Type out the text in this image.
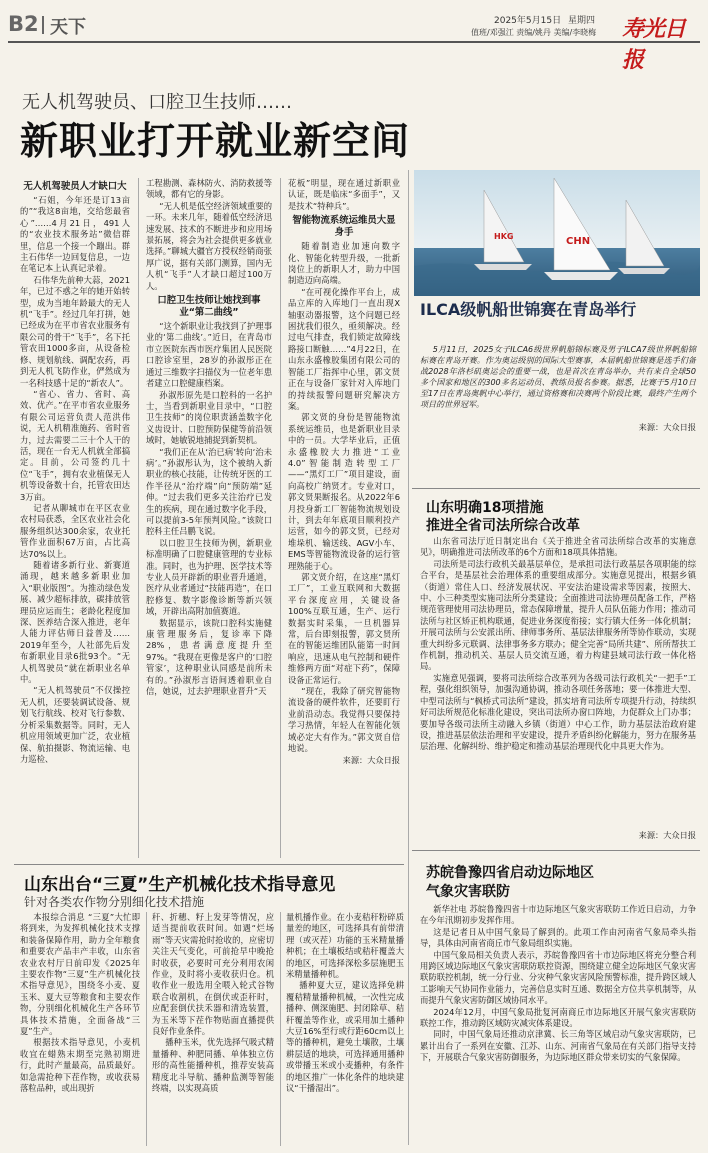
B2 天下	2025年5月15日 星期四
值班/邓强江 责编/姚丹 美编/李晓梅 寿光日报
无人机驾驶员、口腔卫生技师……
新职业打开就业新空间
无人机驾驶员人才缺口大

“石姐，今年还是订13亩的”“我这8亩地，交给您最省心”……4月21日，491人的“农业技术服务站”微信群里，信息一个接一个蹦出。群主石伟华一边回复信息，一边在笔记本上认真记录着。

石伟华先前种大蒜，2021年，已过不惑之年的她开始转型，成为当地年龄最大的无人机“飞手”。经过几年打拼，她已经成为在平市省农业服务有限公司的骨干“飞手”，名下托管农田1000多亩，从设备检修、规划航线、调配农药，再到无人机飞防作业，俨然成为一名科技感十足的“新农人”。

“省心、省力、省时、高效、优产。”在平市省农业服务有限公司运营负责人范洪伟说，无人机精准施药、省时省力，过去需要二三十个人干的活，现在一台无人机就全部搞定。目前，公司签约几十位“飞手”，拥有农业植保无人机等设备数十台，托管农田达3万亩。

记者从聊城市在平区农业农村局获悉，全区农业社会化服务组织达300余家，农业托管作业面积67万亩，占比高达70%以上。

随着诸多新行业、新赛道涌现，越来越多新职业加入“职业版图”。为推动绿色发展、减少超标排放，碳排放管理员应运而生；老龄化程度加深、医养结合深入推进，老年人能力评估师日益普及……2019年至今，人社部先后发布新职业目录6批93个。“无人机驾驶员”就在新职业名单中。

“无人机驾驶员”不仅操控无人机，还要装调试设备、规划飞行航线、校对飞行参数、分析采集数据等。同时，无人机应用领域更加广泛，农业植保、航拍摄影、物流运输、电力巡检、

工程勘测、森林防火、消防救援等领域，都有它的身影。

“无人机是低空经济领域重要的一环。未来几年，随着低空经济迅速发展、技术的不断进步和应用场景拓展，将会为社会提供更多就业选择。”聊城大疆官方授权经销商张厚广说，据有关部门测算，国内无人机“飞手”人才缺口超过100万人。

口腔卫生技师让她找到事业“第二曲线”

“这个新职业让我找到了护理事业的‘第二曲线’。”近日，在青岛市市立医院东西市医疗集团人民医院口腔诊室里，28岁的孙淑彤正在通过三维数字扫描仪为一位老年患者建立口腔健康档案。

孙淑彤原先是口腔科的一名护士，当看到新职业目录中，“口腔卫生技师”的岗位职责涵盖数字化义齿设计、口腔预防保健等前沿领域时，她敏锐地捕捉到新契机。

“我们正在从‘治已病’转向‘治未病’。”孙淑彤认为，这个被纳入新职业的核心技能，让传统牙医的工作半径从“治疗端”向“预防端”延伸。“过去我们更多关注治疗已发生的疾病，现在通过数字化手段，可以提前3-5年预判风险。”该院口腔科主任吕鹏飞说。

以口腔卫生技师为例，新职业标准明确了口腔健康管理的专业标准。同时，也为护理、医学技术等专业人员开辟新的职业晋升通道，医疗从业者通过“技能再造”，在口腔修复、数字影像诊断等新兴领域，开辟出高附加值赛道。

数据显示，该院口腔科实施健康管理服务后，复诊率下降28%，患者满意度提升至97%。“我现在更像是客户的‘口腔管家’，这种职业认同感是前所未有的。”孙淑彤言语间透着职业自信，她说，过去护理职业晋升“天

花板”明显，现在通过新职业认证，既是临床“多面手”，又是技术“特种兵”。

智能物流系统运维员大显身手

随着制造业加速向数字化、智能化转型升级，一批新岗位上的新职人才，助力中国制造迈向高端。

“在可视化操作平台上，成品立库的入库地门一直出现X轴驱动器报警，这个问题已经困扰我们很久，亟须解决。经过电气排查，我们锁定故障线路接口断触……”4月22日，在山东永盛橡胶集团有限公司的智能工厂指挥中心里，郭文贤正在与设备厂家针对入库地门的持续报警问题研究解决方案。

郭文贤的身份是智能物流系统运维员，也是新职业目录中的一员。大学毕业后，正值永盛橡胶大力推进“工业4.0”智能制造转型工厂——“黑灯工厂”项目建设，面向高校广纳贤才。专业对口，郭文贤果断报名。从2022年6月投身新工厂智能物流规划设计，到去年年底项目顺利投产运营，如今的郭文贤，已经对堆垛机、输送线、AGV小车、EMS等智能物流设备的运行管理熟能于心。

郭文贤介绍，在这座“黑灯工厂”，工业互联网和大数据平台深度应用，关键设备100%互联互通，生产、运行数据实时采集，一旦机器异常，后台即刻报警，郭文贤所在的智能运维团队能第一时间响应，迅速从电气控制和硬件维修两方面“对症下药”，保障设备正常运行。

“现在，我除了研究智能物流设备的硬件软件，还要盯行业前沿动态。我觉得只要保持学习热情，年轻人在智能化领域必定大有作为。”郭文贤自信地说。

来源：大众日报
HKG	CHN
ILCA级帆船世锦赛在青岛举行

5月11日，2025女子ILCA6级世界帆船锦标赛及男子ILCA7级世界帆船锦标赛在青岛开赛。作为奥运级别的国际大型赛事，本届帆船世锦赛是选手们备战2028年洛杉矶奥运会的重要一战，也是首次在青岛举办，共有来自全球50多个国家和地区的300多名运动员、教练员报名参赛。据悉，比赛于5月10日至17日在青岛奥帆中心举行，通过资格赛和决赛两个阶段比赛，最终产生两个项目的世界冠军。

来源：大众日报
山东明确18项措施
推进全省司法所综合改革

山东省司法厅近日制定出台《关于推进全省司法所综合改革的实施意见》，明确推进司法所改革的6个方面和18项具体措施。

司法所是司法行政机关最基层单位，是承担司法行政基层各项职能的综合平台，是基层社会治理体系的重要组成部分。实施意见提出，根据乡镇（街道）常住人口、经济发展状况、平安法治建设需求等因素，按照大、中、小三种类型实施司法所分类建设；全面推进司法协理员配备工作，严格规范管理使用司法协理员，常态保障增量，提升人员队伍能力作用；推动司法所与社区矫正机构联通，促进业务深度衔接；实行镇大任务一体化机制；开展司法所与公安派出所、律师事务所、基层法律服务所等协作联动，实现重大纠纷多元联调、法律事务多方联办；健全完善“局所共建”、所所帮扶工作机制，推动机关、基层人员交流互通，着力构建县域司法行政一体化格局。

实施意见强调，要将司法所综合改革列为各级司法行政机关“一把手”工程，强化组织领导，加强沟通协调，推动各项任务落地；要一体推进大型、中型司法所与“枫桥式司法所”建设，抓实培育司法所专项提升行动，持续织好司法所规范化标准化建设，突出司法所办窗口阵地，力促群众上门办事；要加导各级司法所主动融入乡镇（街道）中心工作，助力基层法治政府建设，推进基层依法治理和平安建设，提升矛盾纠纷化解能力，努力在服务基层治理、化解纠纷、维护稳定和推动基层治理现代化中具更大作为。

来源：大众日报
山东出台“三夏”生产机械化技术指导意见
针对各类农作物分别细化技术措施

本报综合消息 “三夏”大忙即将到来，为发挥机械化技术支撑和装备保障作用，助力全年粮食和重要农产品丰产丰收，山东省农业农村厅日前印发《2025年主要农作物“三夏”生产机械化技术指导意见》，围绕冬小麦、夏玉米、夏大豆等粮食和主要农作物，分别细化机械化生产各环节具体技术措施，全面备战“三夏”生产。

根据技术指导意见，小麦机收宜在蜡熟末期至完熟初期进行，此时产量最高，品质最好。如急需抢种下茬作物，或收获易落粒品种，或出现折

秆、折穗、籽上发芽等情况，应适当提前收获时间。如遇“烂场雨”等天灾需抢时抢收的，应密切关注天气变化，可前抢早中晚抢时收获，必要时可充分利用农闲作业，及时将小麦收获归仓。机收作业一般选用全喂入轮式谷物联合收割机，在倒伏或歪秆时，应配套倒伏扶禾器和清选装置，为玉米等下茬作物贴面直播提供良好作业条件。

播种玉米，优先选择气吸式精量播种、种肥同播、单体独立仿形的高性能播种机，推荐安装高精度北斗导航、播种监测等智能终端，以实现高质

量机播作业。在小麦秸秆粉碎质量差的地区，可选择具有前带清理（或灭茬）功能的玉米精量播种机；在土壤板结或秸秆覆盖大的地区，可选择深松多层施肥玉米精量播种机。

播种夏大豆，建议选择免耕覆秸精量播种机械，一次性完成播种、侧深施肥、封闭除草、秸秆覆盖等作业，或采用加土播种大豆16%至行或行距60cm以上等的播种机，避免土壤散，土壤耕层适的地块，可选择通用播种或带播玉米或小麦播种，有条件的地区推广一体化条件的地块建议“干播湿出”。

苏皖鲁豫四省启动边际地区
气象灾害联防

新华社电 苏皖鲁豫四省十市边际地区气象灾害联防工作近日启动，力争在今年汛期初步发挥作用。

这是记者日从中国气象局了解到的。此项工作由河南省气象局牵头指导，具体由河南省商丘市气象局组织实施。

中国气象局相关负责人表示，苏皖鲁豫四省十市边际地区将充分整合利用跨区域边际地区气象灾害联防联控资源，围绕建立健全边际地区气象灾害联防联控机制，统一分行业、分灾种气象灾害风险预警标准，提升跨区域人工影响天气协同作业能力，完善信息实时互通、数据全方位共享机制等，从而提升气象灾害防御区域协同水平。

2024年12月，中国气象局批复河南商丘市边际地区开展气象灾害联防联控工作，推动跨区域防灾减灾体系建设。

同时，中国气象局还推动京津冀、长三角等区域启动气象灾害联防，已累计出台了一系列在安徽、江苏、山东、河南省气象局在有关部门指导支持下，开展联合气象灾害防御服务，为边际地区群众带来切实的气象保障。
